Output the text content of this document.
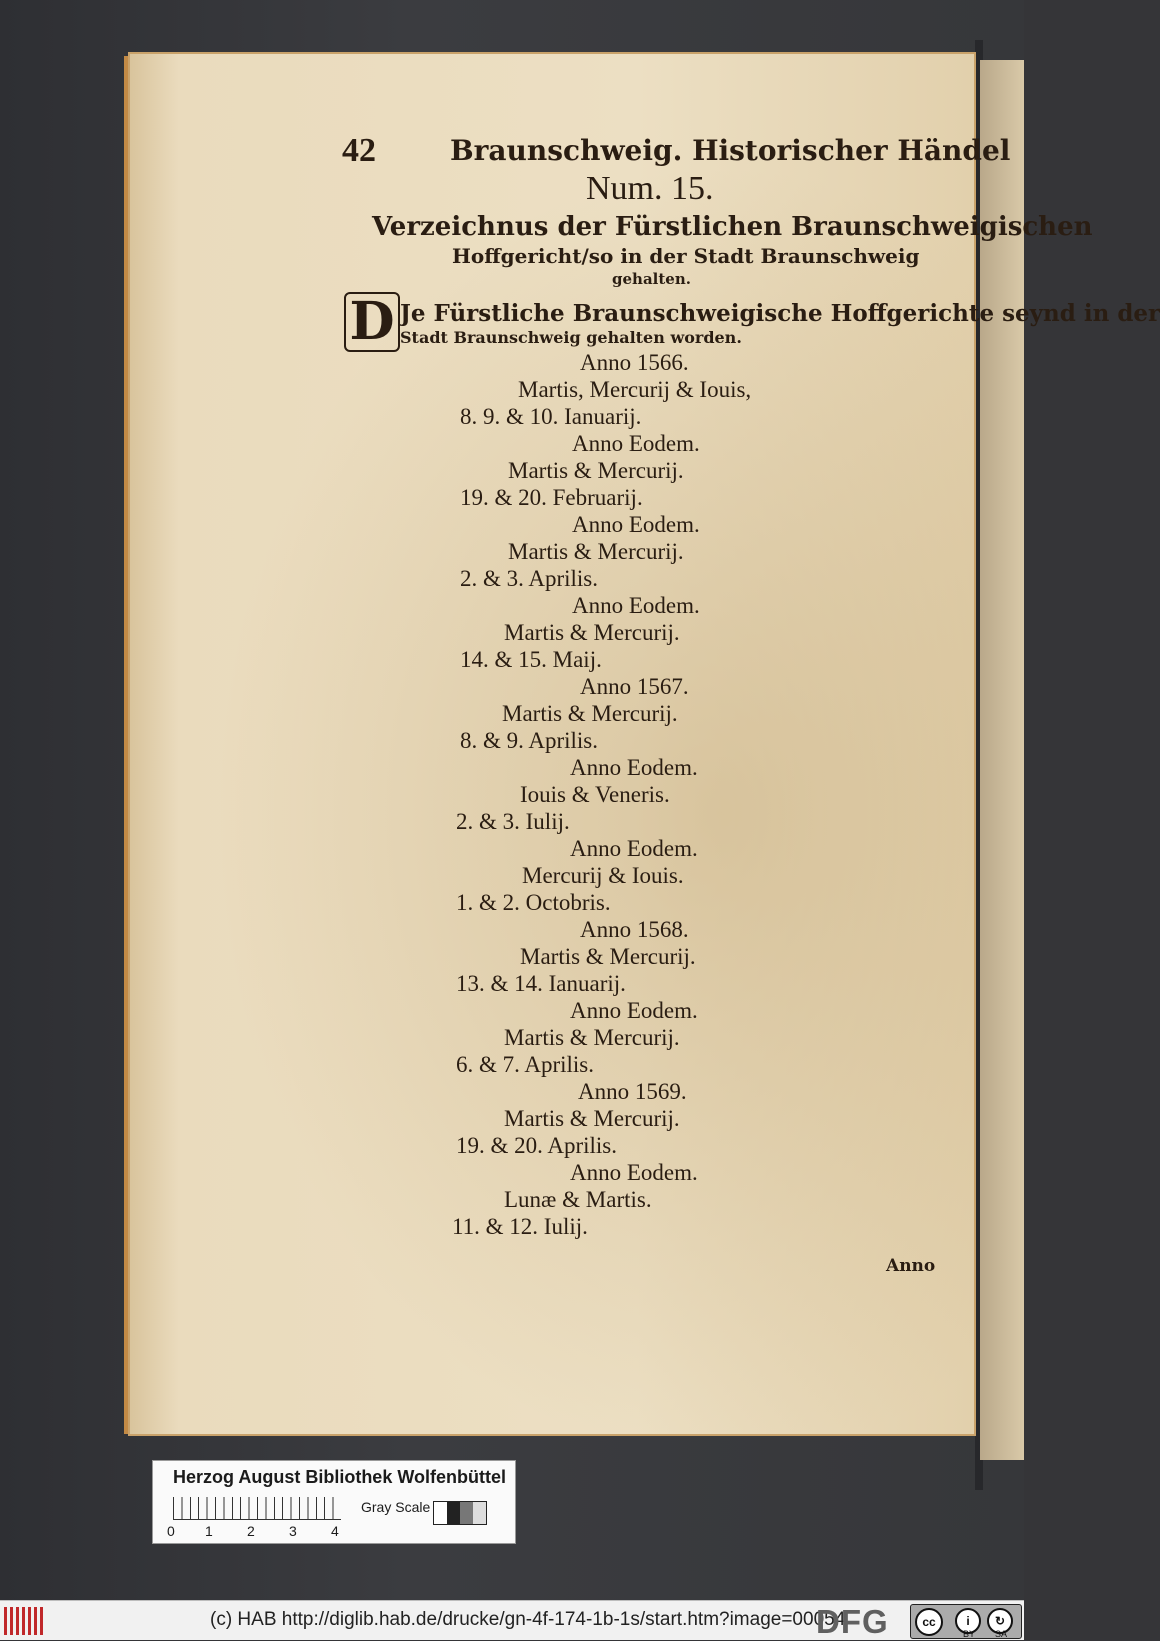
42	Braunschweig. Historischer Händel
Num. 15.
Verzeichnus der Fürstlichen Braunschweigischen
Hoffgericht/so in der Stadt Braunschweig
gehalten.
D Je Fürstliche Braunschweigische Hoffgerichte seynd in der
Stadt Braunschweig gehalten worden.
Anno 1566.
Martis, Mercurij & Iouis,
8. 9. & 10. Ianuarij.
Anno Eodem.
Martis & Mercurij.
19. & 20. Februarij.
Anno Eodem.
Martis & Mercurij.
2. & 3. Aprilis.
Anno Eodem.
Martis & Mercurij.
14. & 15. Maij.
Anno 1567.
Martis & Mercurij.
8. & 9. Aprilis.
Anno Eodem.
Iouis & Veneris.
2. & 3. Iulij.
Anno Eodem.
Mercurij & Iouis.
1. & 2. Octobris.
Anno 1568.
Martis & Mercurij.
13. & 14. Ianuarij.
Anno Eodem.
Martis & Mercurij.
6. & 7. Aprilis.
Anno 1569.
Martis & Mercurij.
19. & 20. Aprilis.
Anno Eodem.
Lunæ & Martis.
11. & 12. Iulij.
Anno
Herzog August Bibliothek Wolfenbüttel
0 1 2 3 4
Gray Scale
(c) HAB http://diglib.hab.de/drucke/gn-4f-174-1b-1s/start.htm?image=00054
DFG	cc	i	↻
BY SA
